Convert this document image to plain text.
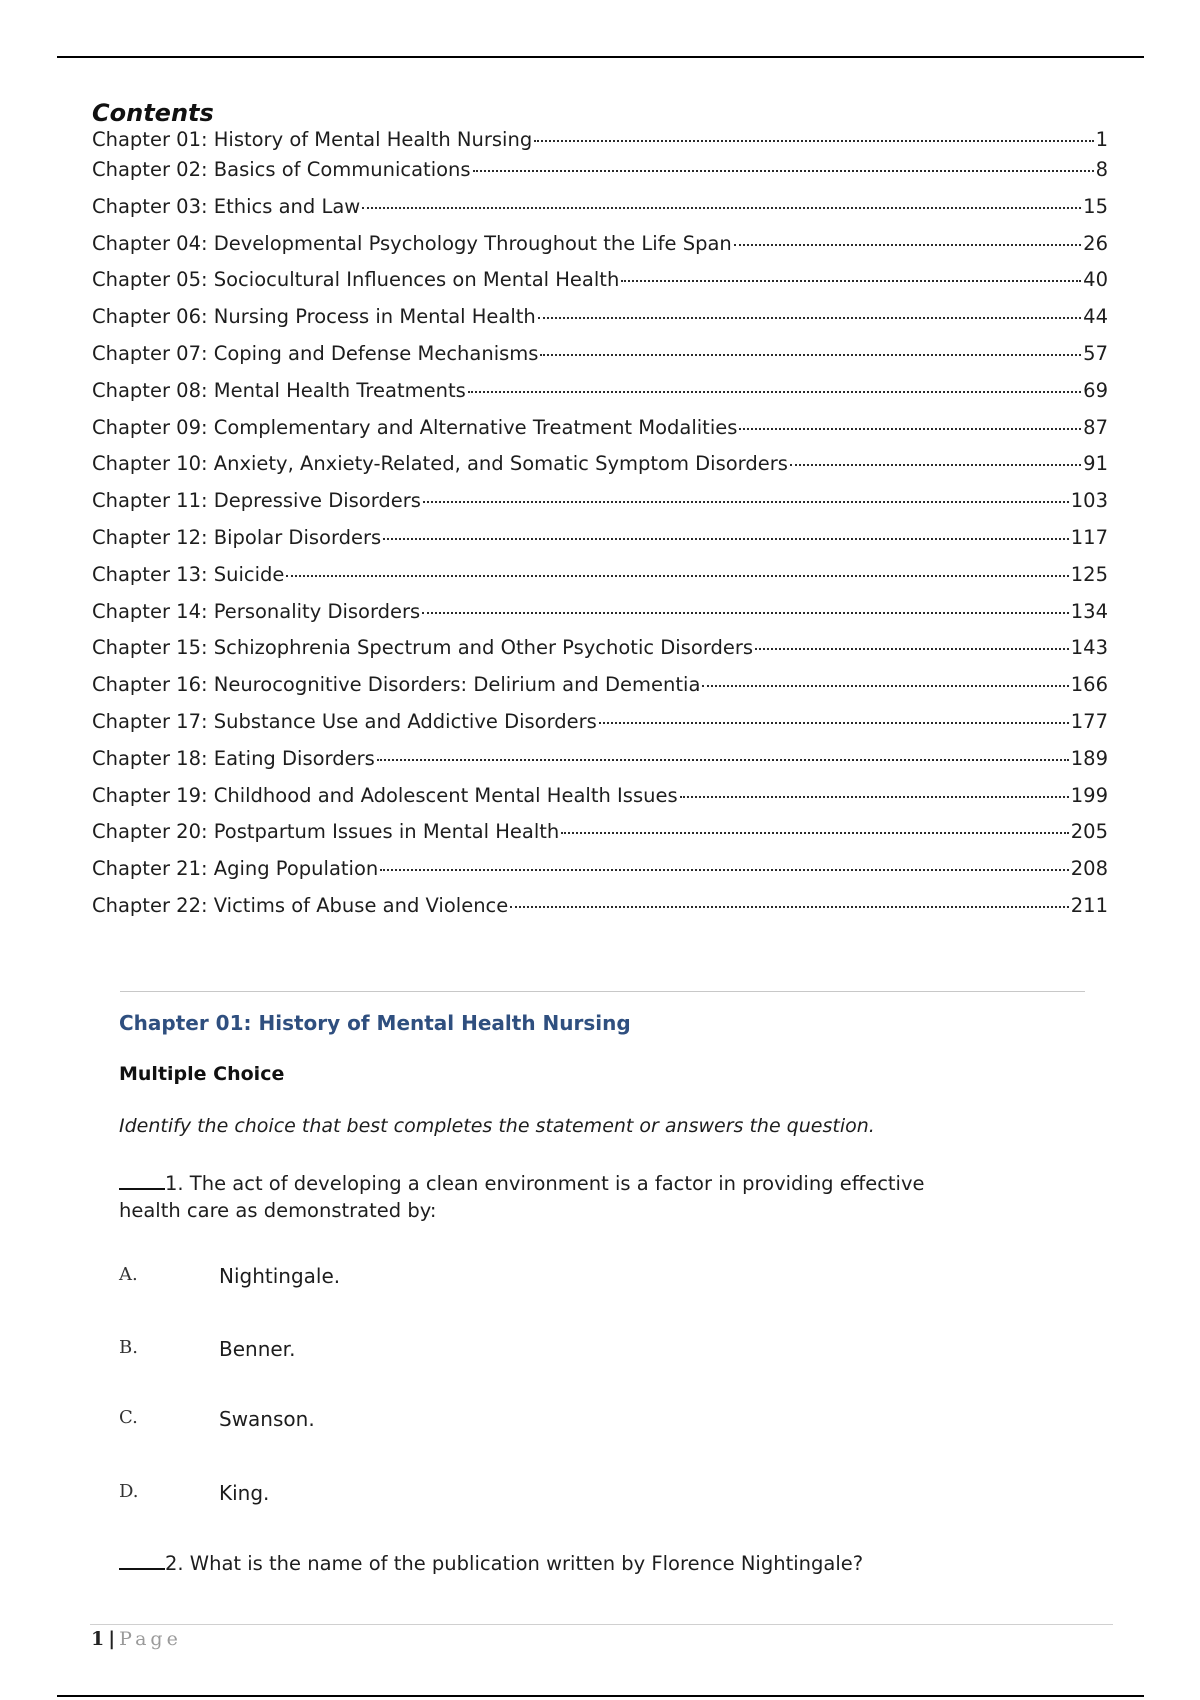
Contents
Chapter 01: History of Mental Health Nursing	1
Chapter 02: Basics of Communications	8
Chapter 03: Ethics and Law	15
Chapter 04: Developmental Psychology Throughout the Life Span	26
Chapter 05: Sociocultural Influences on Mental Health	40
Chapter 06: Nursing Process in Mental Health	44
Chapter 07: Coping and Defense Mechanisms	57
Chapter 08: Mental Health Treatments	69
Chapter 09: Complementary and Alternative Treatment Modalities	87
Chapter 10: Anxiety, Anxiety-Related, and Somatic Symptom Disorders	91
Chapter 11: Depressive Disorders	103
Chapter 12: Bipolar Disorders	117
Chapter 13: Suicide	125
Chapter 14: Personality Disorders	134
Chapter 15: Schizophrenia Spectrum and Other Psychotic Disorders	143
Chapter 16: Neurocognitive Disorders: Delirium and Dementia	166
Chapter 17: Substance Use and Addictive Disorders	177
Chapter 18: Eating Disorders	189
Chapter 19: Childhood and Adolescent Mental Health Issues	199
Chapter 20: Postpartum Issues in Mental Health	205
Chapter 21: Aging Population	208
Chapter 22: Victims of Abuse and Violence	211
Chapter 01: History of Mental Health Nursing
Multiple Choice
Identify the choice that best completes the statement or answers the question.
1. The act of developing a clean environment is a factor in providing effective health care as demonstrated by:
A.	Nightingale.
B.	Benner.
C.	Swanson.
D.	King.
2. What is the name of the publication written by Florence Nightingale?
1 | Page
